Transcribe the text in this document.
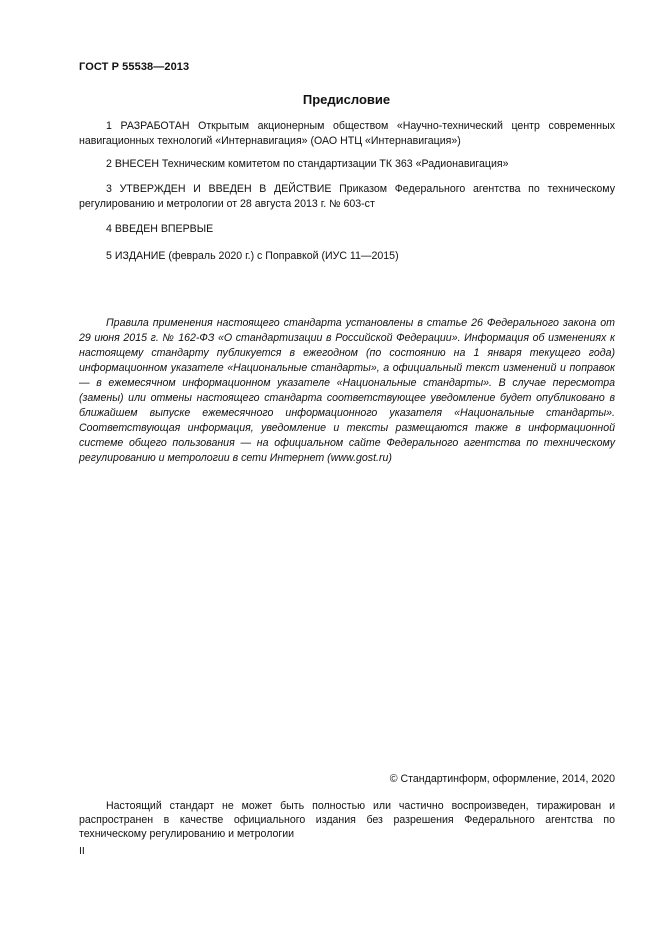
ГОСТ Р 55538—2013
Предисловие
1 РАЗРАБОТАН Открытым акционерным обществом «Научно-технический центр современных навигационных технологий «Интернавигация» (ОАО НТЦ «Интернавигация»)
2 ВНЕСЕН Техническим комитетом по стандартизации ТК 363 «Радионавигация»
3 УТВЕРЖДЕН И ВВЕДЕН В ДЕЙСТВИЕ Приказом Федерального агентства по техническому регулированию и метрологии от 28 августа 2013 г. № 603-ст
4 ВВЕДЕН ВПЕРВЫЕ
5 ИЗДАНИЕ (февраль 2020 г.) с Поправкой (ИУС 11—2015)
Правила применения настоящего стандарта установлены в статье 26 Федерального закона от 29 июня 2015 г. № 162-ФЗ «О стандартизации в Российской Федерации». Информация об изменениях к настоящему стандарту публикуется в ежегодном (по состоянию на 1 января текущего года) информационном указателе «Национальные стандарты», а официальный текст изменений и поправок — в ежемесячном информационном указателе «Национальные стандарты». В случае пересмотра (замены) или отмены настоящего стандарта соответствующее уведомление будет опубликовано в ближайшем выпуске ежемесячного информационного указателя «Национальные стандарты». Соответствующая информация, уведомление и тексты размещаются также в информационной системе общего пользования — на официальном сайте Федерального агентства по техническому регулированию и метрологии в сети Интернет (www.gost.ru)
© Стандартинформ, оформление, 2014, 2020
Настоящий стандарт не может быть полностью или частично воспроизведен, тиражирован и распространен в качестве официального издания без разрешения Федерального агентства по техническому регулированию и метрологии
II
